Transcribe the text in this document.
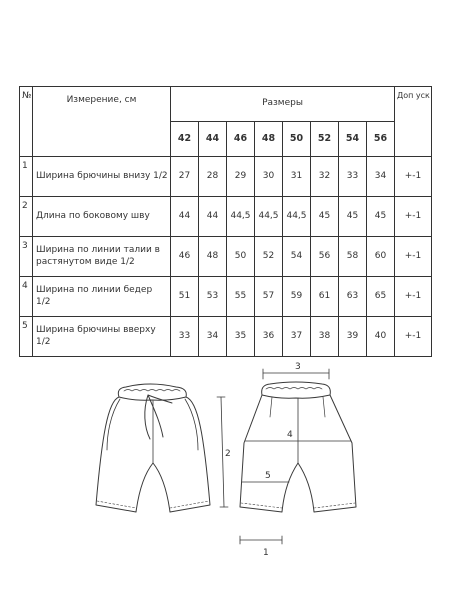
№	Измерение, см	Размеры								Доп уск
		42	44	46	48	50	52	54	56	
1	Ширина брючины внизу 1/2	27	28	29	30	31	32	33	34	+-1
2	Длина по боковому шву	44	44	44,5	44,5	44,5	45	45	45	+-1
3	Ширина по линии талии в растянутом виде 1/2	46	48	50	52	54	56	58	60	+-1
4	Ширина по линии бедер 1/2	51	53	55	57	59	61	63	65	+-1
5	Ширина брючины вверху 1/2	33	34	35	36	37	38	39	40	+-1
2
3
4
5
1
